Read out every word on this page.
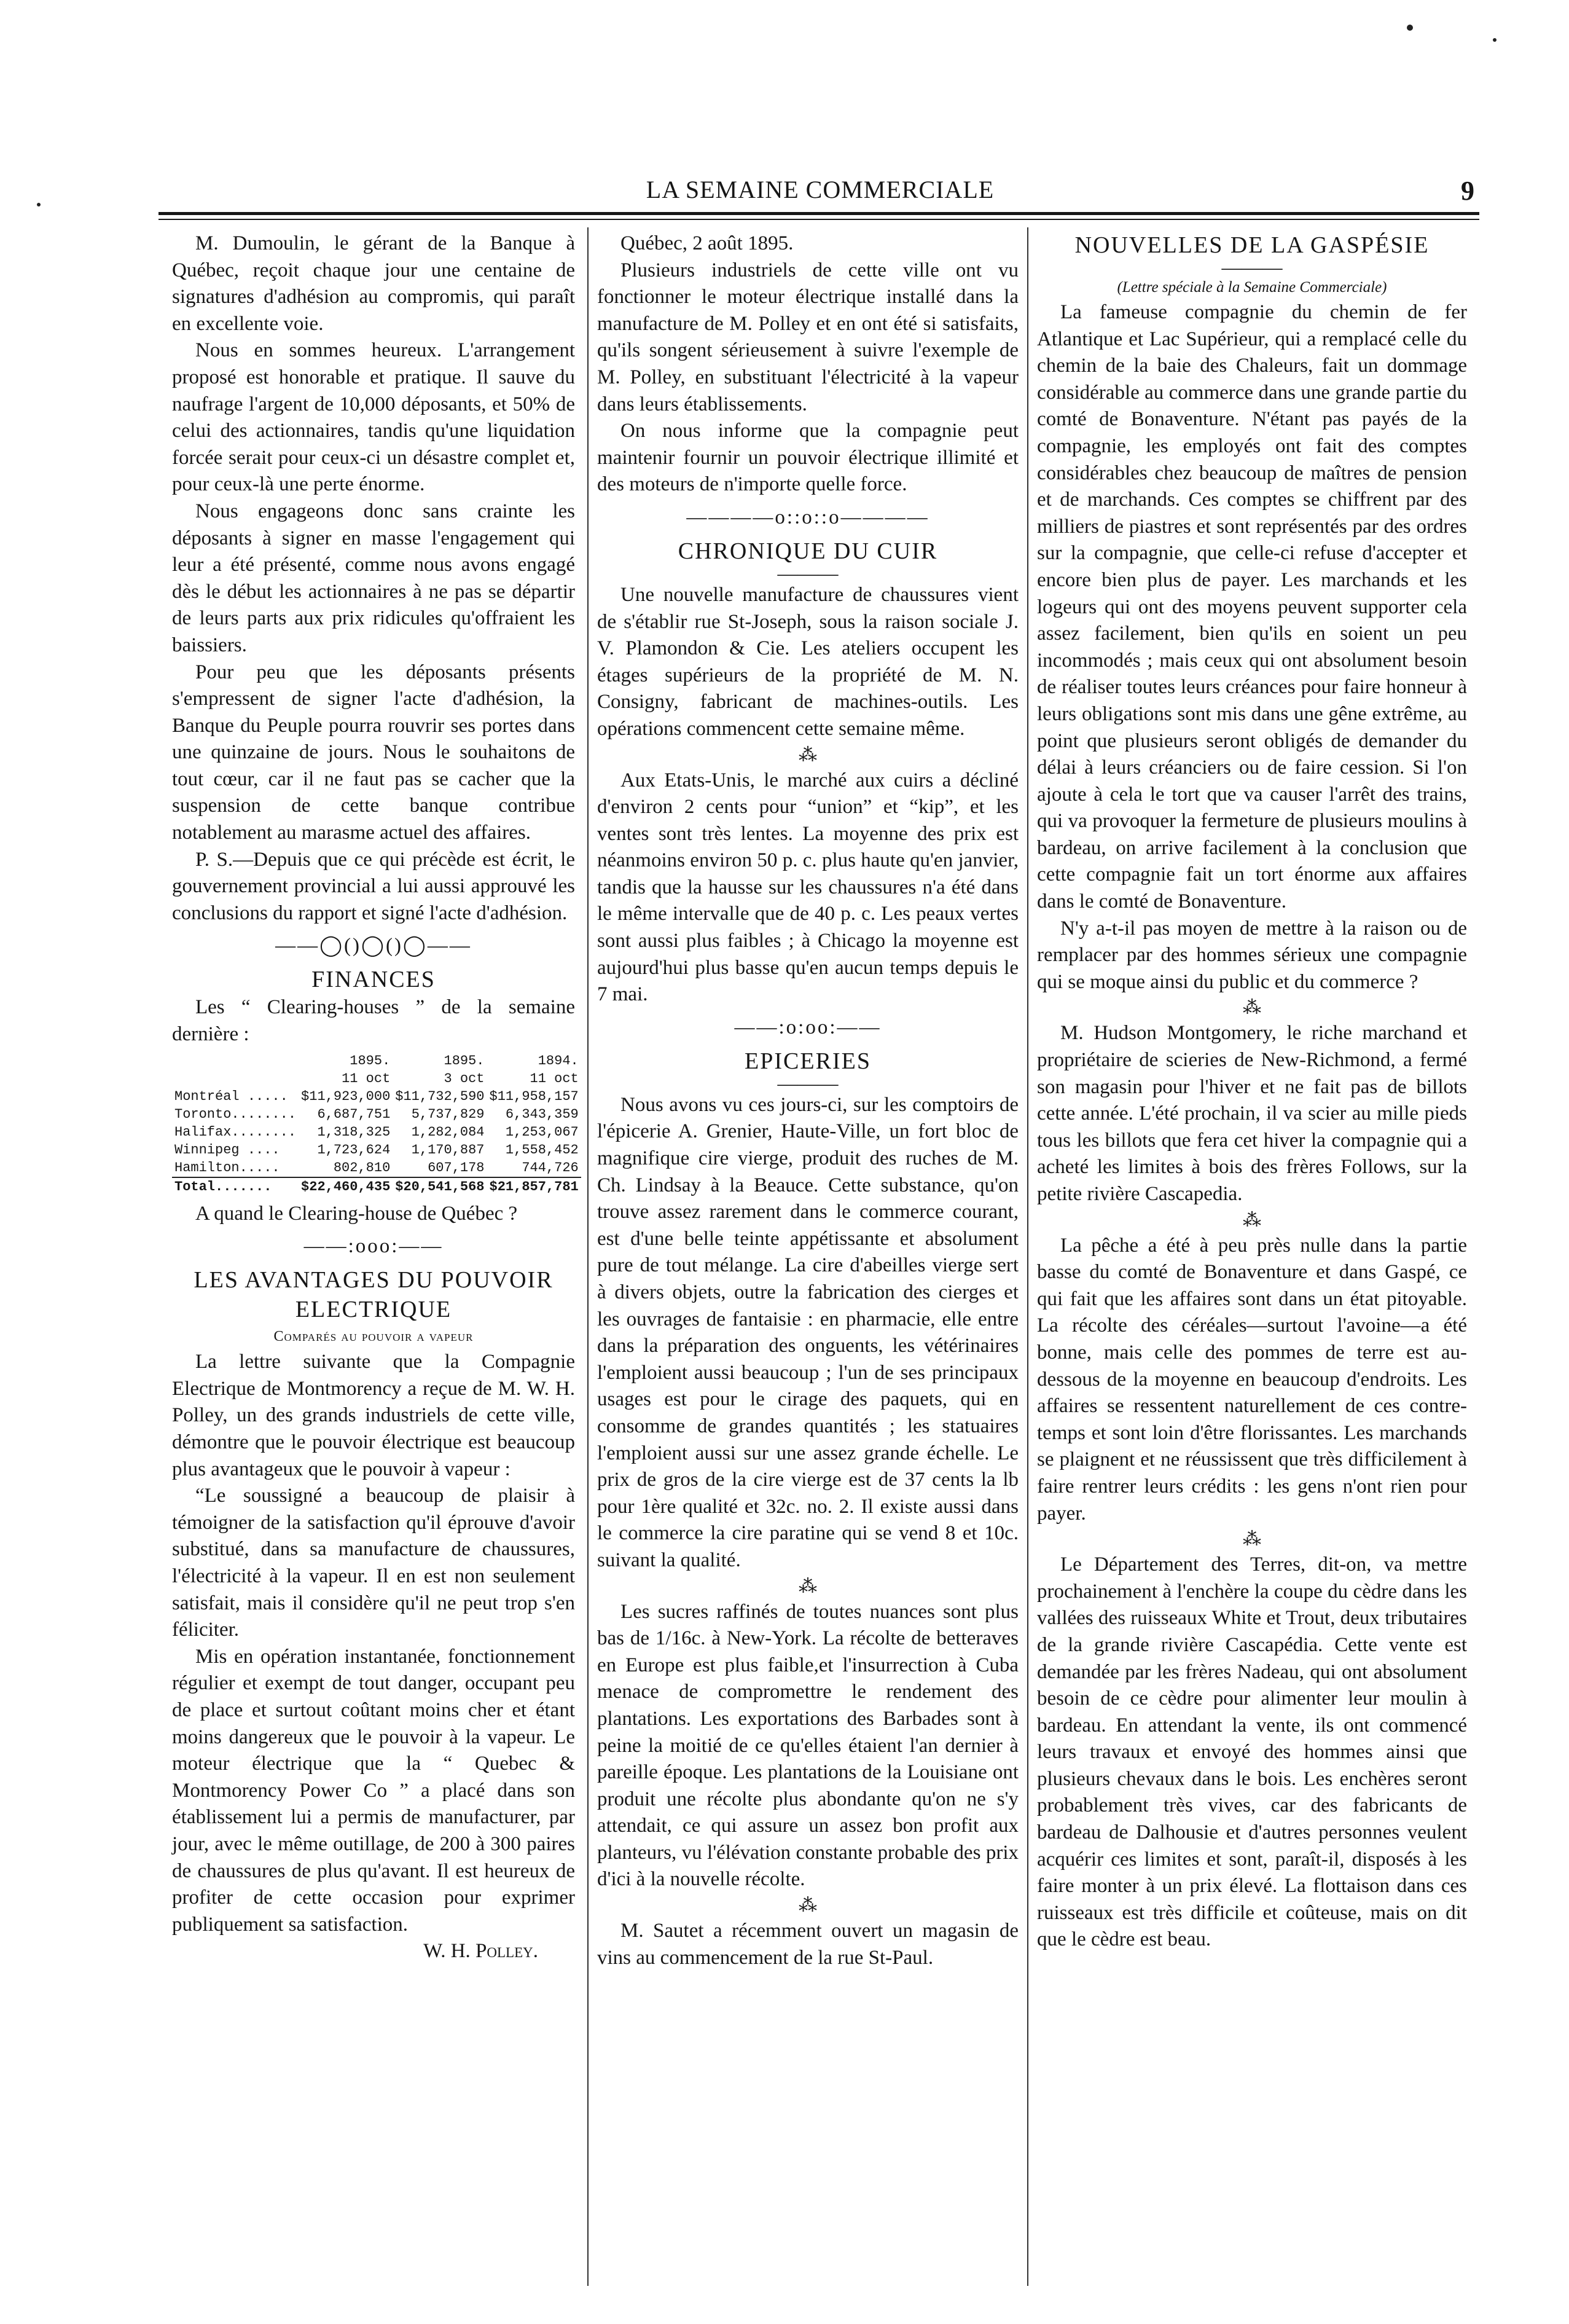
LA SEMAINE COMMERCIALE	9

M. Dumoulin, le gérant de la Banque à Québec, reçoit chaque jour une centaine de signatures d'adhésion au compromis, qui paraît en excellente voie.

Nous en sommes heureux. L'arrangement proposé est honorable et pratique. Il sauve du naufrage l'argent de 10,000 déposants, et 50% de celui des actionnaires, tandis qu'une liquidation forcée serait pour ceux-ci un désastre complet et, pour ceux-là une perte énorme.

Nous engageons donc sans crainte les déposants à signer en masse l'engagement qui leur a été présenté, comme nous avons engagé dès le début les actionnaires à ne pas se départir de leurs parts aux prix ridicules qu'offraient les baissiers.

Pour peu que les déposants présents s'empressent de signer l'acte d'adhésion, la Banque du Peuple pourra rouvrir ses portes dans une quinzaine de jours. Nous le souhaitons de tout cœur, car il ne faut pas se cacher que la suspension de cette banque contribue notablement au marasme actuel des affaires.

P. S.—Depuis que ce qui précède est écrit, le gouvernement provincial a lui aussi approuvé les conclusions du rapport et signé l'acte d'adhésion.

——◯()◯()◯——
FINANCES

Les “ Clearing-houses ” de la semaine dernière :

	1895.	1895.	1894.
	11 oct	3 oct	11 oct
Montréal .....	$11,923,000	$11,732,590	$11,958,157
Toronto........	6,687,751	5,737,829	6,343,359
Halifax........	1,318,325	1,282,084	1,253,067
Winnipeg ....	1,723,624	1,170,887	1,558,452
Hamilton.....	802,810	607,178	744,726
Total.......	$22,460,435	$20,541,568	$21,857,781

A quand le Clearing-house de Québec ?

——:ooo:——
LES AVANTAGES DU POUVOIR ELECTRIQUE
Comparés au pouvoir a vapeur

La lettre suivante que la Compagnie Electrique de Montmorency a reçue de M. W. H. Polley, un des grands industriels de cette ville, démontre que le pouvoir électrique est beaucoup plus avantageux que le pouvoir à vapeur :

“Le soussigné a beaucoup de plaisir à témoigner de la satisfaction qu'il éprouve d'avoir substitué, dans sa manufacture de chaussures, l'électricité à la vapeur. Il en est non seulement satisfait, mais il considère qu'il ne peut trop s'en féliciter.

Mis en opération instantanée, fonctionnement régulier et exempt de tout danger, occupant peu de place et surtout coûtant moins cher et étant moins dangereux que le pouvoir à la vapeur. Le moteur électrique que la “ Quebec & Montmorency Power Co ” a placé dans son établissement lui a permis de manufacturer, par jour, avec le même outillage, de 200 à 300 paires de chaussures de plus qu'avant. Il est heureux de profiter de cette occasion pour exprimer publiquement sa satisfaction.

W. H. Polley.

Québec, 2 août 1895.

Plusieurs industriels de cette ville ont vu fonctionner le moteur électrique installé dans la manufacture de M. Polley et en ont été si satisfaits, qu'ils songent sérieusement à suivre l'exemple de M. Polley, en substituant l'électricité à la vapeur dans leurs établissements.

On nous informe que la compagnie peut maintenir fournir un pouvoir électrique illimité et des moteurs de n'importe quelle force.

————o::o::o————
CHRONIQUE DU CUIR
———

Une nouvelle manufacture de chaussures vient de s'établir rue St-Joseph, sous la raison sociale J. V. Plamondon & Cie. Les ateliers occupent les étages supérieurs de la propriété de M. N. Consigny, fabricant de machines-outils. Les opérations commencent cette semaine même.

⁂

Aux Etats-Unis, le marché aux cuirs a décliné d'environ 2 cents pour “union” et “kip”, et les ventes sont très lentes. La moyenne des prix est néanmoins environ 50 p. c. plus haute qu'en janvier, tandis que la hausse sur les chaussures n'a été dans le même intervalle que de 40 p. c. Les peaux vertes sont aussi plus faibles ; à Chicago la moyenne est aujourd'hui plus basse qu'en aucun temps depuis le 7 mai.

——:o:oo:——
EPICERIES
———

Nous avons vu ces jours-ci, sur les comptoirs de l'épicerie A. Grenier, Haute-Ville, un fort bloc de magnifique cire vierge, produit des ruches de M. Ch. Lindsay à la Beauce. Cette substance, qu'on trouve assez rarement dans le commerce courant, est d'une belle teinte appétissante et absolument pure de tout mélange. La cire d'abeilles vierge sert à divers objets, outre la fabrication des cierges et les ouvrages de fantaisie : en pharmacie, elle entre dans la préparation des onguents, les vétérinaires l'emploient aussi beaucoup ; l'un de ses principaux usages est pour le cirage des paquets, qui en consomme de grandes quantités ; les statuaires l'emploient aussi sur une assez grande échelle. Le prix de gros de la cire vierge est de 37 cents la lb pour 1ère qualité et 32c. no. 2. Il existe aussi dans le commerce la cire paratine qui se vend 8 et 10c. suivant la qualité.

⁂

Les sucres raffinés de toutes nuances sont plus bas de 1/16c. à New-York. La récolte de betteraves en Europe est plus faible,et l'insurrection à Cuba menace de compromettre le rendement des plantations. Les exportations des Barbades sont à peine la moitié de ce qu'elles étaient l'an dernier à pareille époque. Les plantations de la Louisiane ont produit une récolte plus abondante qu'on ne s'y attendait, ce qui assure un assez bon profit aux planteurs, vu l'élévation constante probable des prix d'ici à la nouvelle récolte.

⁂

M. Sautet a récemment ouvert un magasin de vins au commencement de la rue St-Paul.

NOUVELLES DE LA GASPÉSIE
———
(Lettre spéciale à la Semaine Commerciale)

La fameuse compagnie du chemin de fer Atlantique et Lac Supérieur, qui a remplacé celle du chemin de la baie des Chaleurs, fait un dommage considérable au commerce dans une grande partie du comté de Bonaventure. N'étant pas payés de la compagnie, les employés ont fait des comptes considérables chez beaucoup de maîtres de pension et de marchands. Ces comptes se chiffrent par des milliers de piastres et sont représentés par des ordres sur la compagnie, que celle-ci refuse d'accepter et encore bien plus de payer. Les marchands et les logeurs qui ont des moyens peuvent supporter cela assez facilement, bien qu'ils en soient un peu incommodés ; mais ceux qui ont absolument besoin de réaliser toutes leurs créances pour faire honneur à leurs obligations sont mis dans une gêne extrême, au point que plusieurs seront obligés de demander du délai à leurs créanciers ou de faire cession. Si l'on ajoute à cela le tort que va causer l'arrêt des trains, qui va provoquer la fermeture de plusieurs moulins à bardeau, on arrive facilement à la conclusion que cette compagnie fait un tort énorme aux affaires dans le comté de Bonaventure.

N'y a-t-il pas moyen de mettre à la raison ou de remplacer par des hommes sérieux une compagnie qui se moque ainsi du public et du commerce ?

⁂

M. Hudson Montgomery, le riche marchand et propriétaire de scieries de New-Richmond, a fermé son magasin pour l'hiver et ne fait pas de billots cette année. L'été prochain, il va scier au mille pieds tous les billots que fera cet hiver la compagnie qui a acheté les limites à bois des frères Follows, sur la petite rivière Cascapedia.

⁂

La pêche a été à peu près nulle dans la partie basse du comté de Bonaventure et dans Gaspé, ce qui fait que les affaires sont dans un état pitoyable. La récolte des céréales—surtout l'avoine—a été bonne, mais celle des pommes de terre est au-dessous de la moyenne en beaucoup d'endroits. Les affaires se ressentent naturellement de ces contre-temps et sont loin d'être florissantes. Les marchands se plaignent et ne réussissent que très difficilement à faire rentrer leurs crédits : les gens n'ont rien pour payer.

⁂

Le Département des Terres, dit-on, va mettre prochainement à l'enchère la coupe du cèdre dans les vallées des ruisseaux White et Trout, deux tributaires de la grande rivière Cascapédia. Cette vente est demandée par les frères Nadeau, qui ont absolument besoin de ce cèdre pour alimenter leur moulin à bardeau. En attendant la vente, ils ont commencé leurs travaux et envoyé des hommes ainsi que plusieurs chevaux dans le bois. Les enchères seront probablement très vives, car des fabricants de bardeau de Dalhousie et d'autres personnes veulent acquérir ces limites et sont, paraît-il, disposés à les faire monter à un prix élevé. La flottaison dans ces ruisseaux est très difficile et coûteuse, mais on dit que le cèdre est beau.
